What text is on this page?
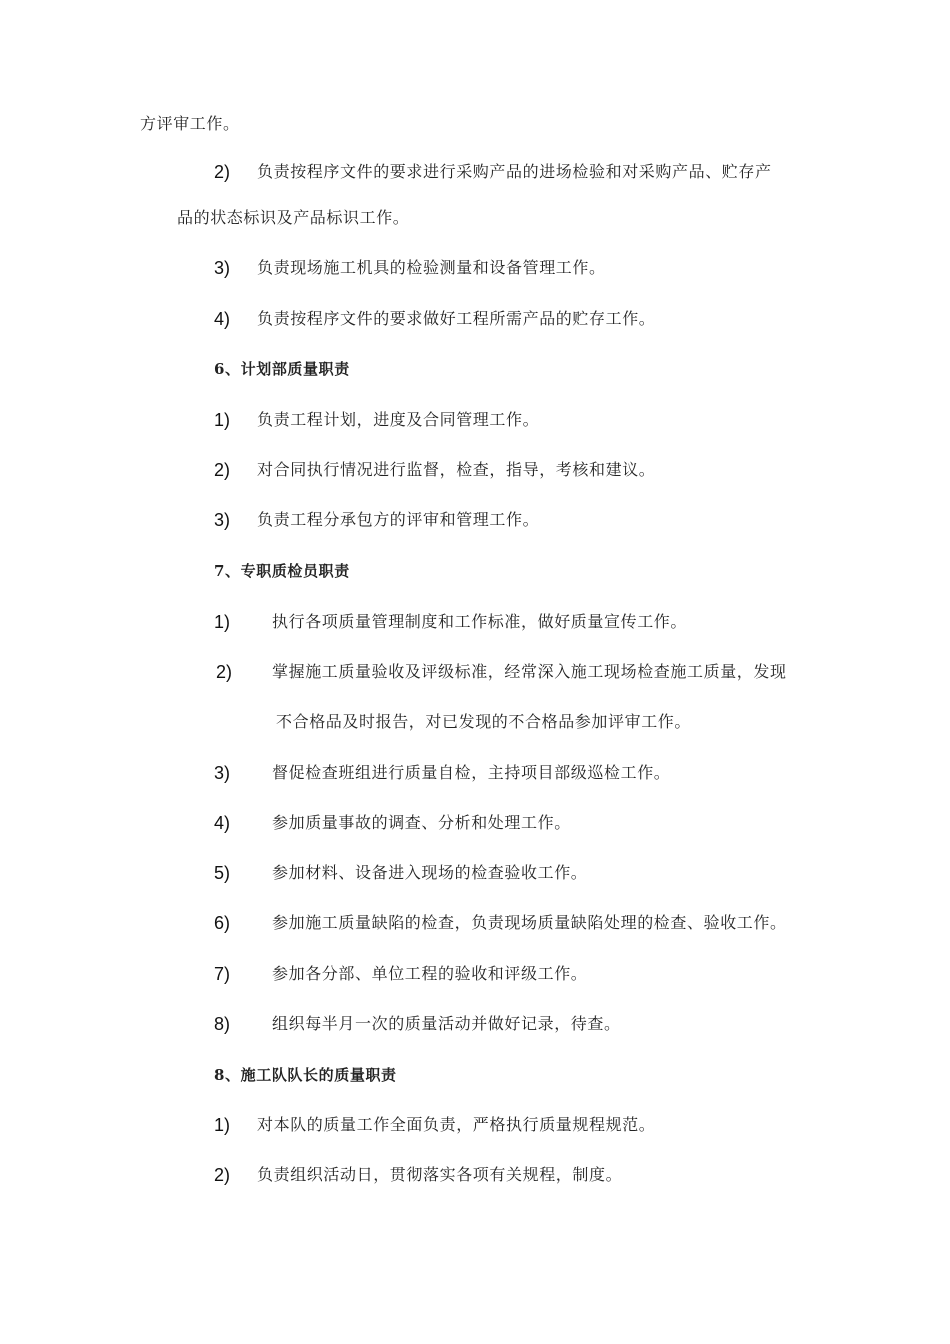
方评审工作。
2) 负责按程序文件的要求进行采购产品的进场检验和对采购产品、贮存产
品的状态标识及产品标识工作。
3) 负责现场施工机具的检验测量和设备管理工作。
4) 负责按程序文件的要求做好工程所需产品的贮存工作。
6、计划部质量职责
1) 负责工程计划，进度及合同管理工作。
2) 对合同执行情况进行监督，检查，指导，考核和建议。
3) 负责工程分承包方的评审和管理工作。
7、专职质检员职责
1)	执行各项质量管理制度和工作标准，做好质量宣传工作。
2) 掌握施工质量验收及评级标准，经常深入施工现场检查施工质量，发现
不合格品及时报告，对已发现的不合格品参加评审工作。
3)	督促检查班组进行质量自检，主持项目部级巡检工作。
4)	参加质量事故的调查、分析和处理工作。
5)	参加材料、设备进入现场的检查验收工作。
6)	参加施工质量缺陷的检查，负责现场质量缺陷处理的检查、验收工作。
7)	参加各分部、单位工程的验收和评级工作。
8)	组织每半月一次的质量活动并做好记录，待查。
8、施工队队长的质量职责
1) 对本队的质量工作全面负责，严格执行质量规程规范。
2) 负责组织活动日，贯彻落实各项有关规程，制度。
